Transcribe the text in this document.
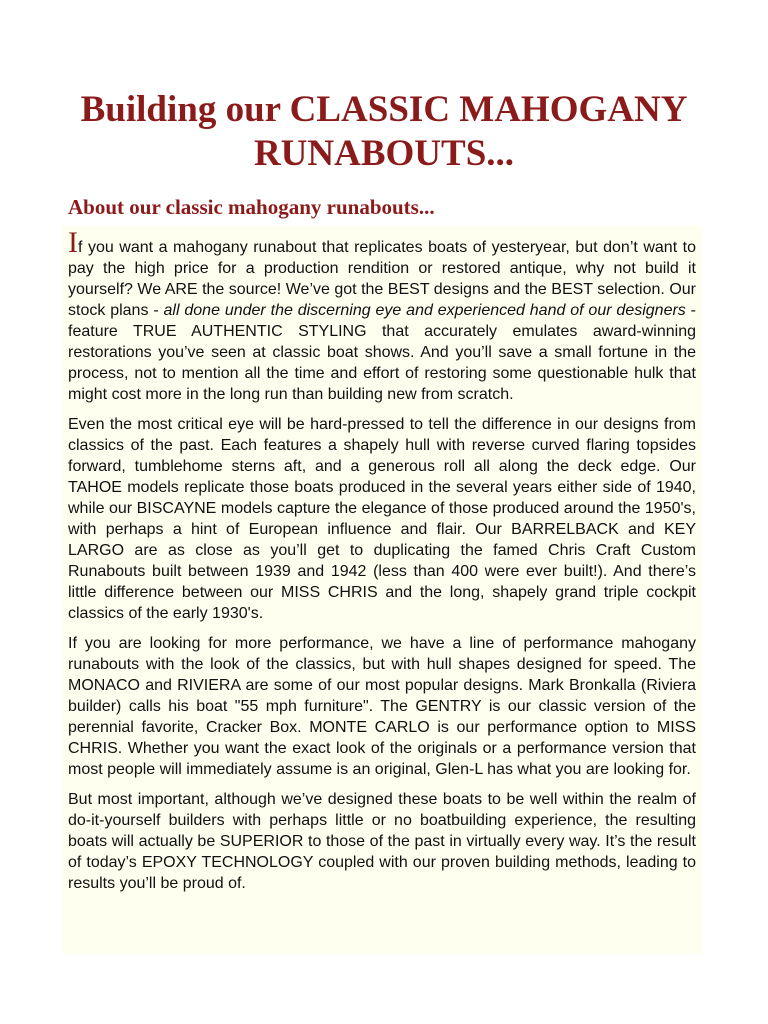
Building our CLASSIC MAHOGANY RUNABOUTS...
About our classic mahogany runabouts...

If you want a mahogany runabout that replicates boats of yesteryear, but don’t want to pay the high price for a production rendition or restored antique, why not build it yourself? We ARE the source! We’ve got the BEST designs and the BEST selection. Our stock plans - all done under the discerning eye and experienced hand of our designers - feature TRUE AUTHENTIC STYLING that accurately emulates award-winning restorations you’ve seen at classic boat shows. And you’ll save a small fortune in the process, not to mention all the time and effort of restoring some questionable hulk that might cost more in the long run than building new from scratch.

Even the most critical eye will be hard-pressed to tell the difference in our designs from classics of the past. Each features a shapely hull with reverse curved flaring topsides forward, tumblehome sterns aft, and a generous roll all along the deck edge. Our TAHOE models replicate those boats produced in the several years either side of 1940, while our BISCAYNE models capture the elegance of those produced around the 1950's, with perhaps a hint of European influence and flair. Our BARRELBACK and KEY LARGO are as close as you’ll get to duplicating the famed Chris Craft Custom Runabouts built between 1939 and 1942 (less than 400 were ever built!). And there’s little difference between our MISS CHRIS and the long, shapely grand triple cockpit classics of the early 1930's.

If you are looking for more performance, we have a line of performance mahogany runabouts with the look of the classics, but with hull shapes designed for speed. The MONACO and RIVIERA are some of our most popular designs. Mark Bronkalla (Riviera builder) calls his boat "55 mph furniture". The GENTRY is our classic version of the perennial favorite, Cracker Box. MONTE CARLO is our performance option to MISS CHRIS. Whether you want the exact look of the originals or a performance version that most people will immediately assume is an original, Glen-L has what you are looking for.

But most important, although we’ve designed these boats to be well within the realm of do-it-yourself builders with perhaps little or no boatbuilding experience, the resulting boats will actually be SUPERIOR to those of the past in virtually every way. It’s the result of today’s EPOXY TECHNOLOGY coupled with our proven building methods, leading to results you’ll be proud of.
